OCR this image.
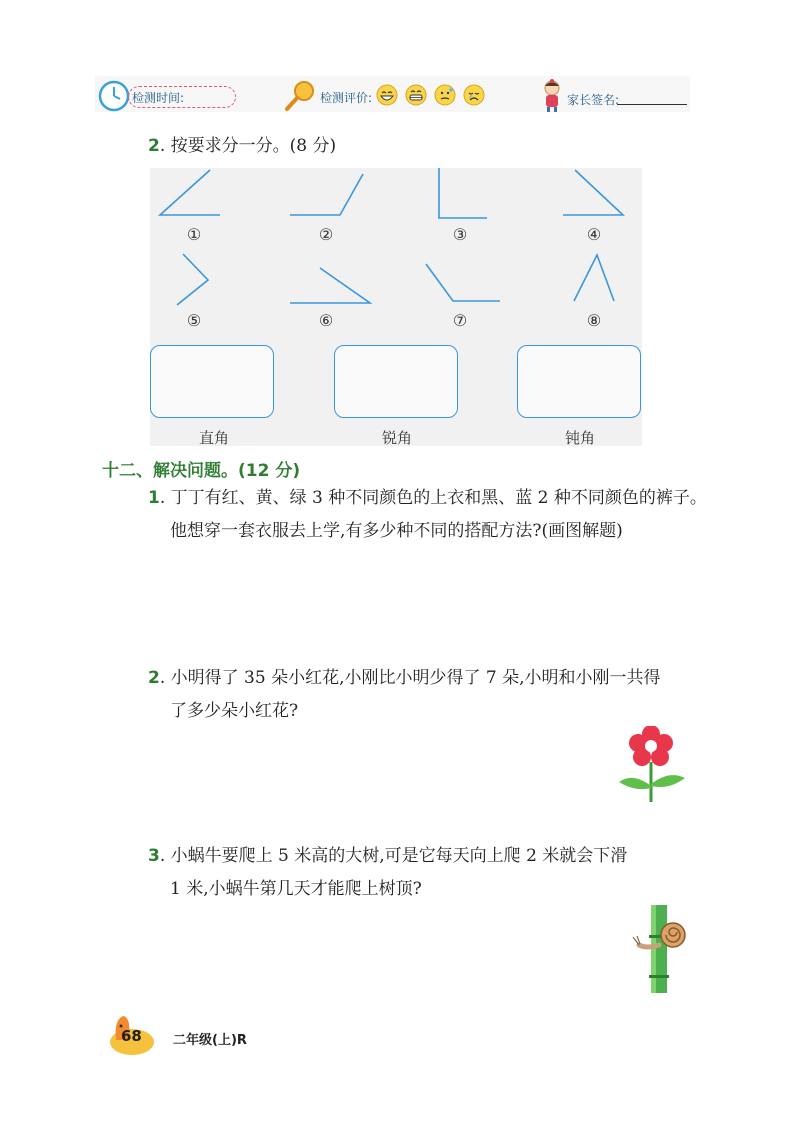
检测时间:	检测评价:	家长签名:
2. 按要求分一分。(8 分)
①	②	③	④
⑤	⑥	⑦	⑧
直角	锐角	钝角
十二、解决问题。(12 分)
1. 丁丁有红、黄、绿 3 种不同颜色的上衣和黑、蓝 2 种不同颜色的裤子。
他想穿一套衣服去上学,有多少种不同的搭配方法?(画图解题)
2. 小明得了 35 朵小红花,小刚比小明少得了 7 朵,小明和小刚一共得
了多少朵小红花?
3. 小蜗牛要爬上 5 米高的大树,可是它每天向上爬 2 米就会下滑
1 米,小蜗牛第几天才能爬上树顶?
68 二年级(上)R
